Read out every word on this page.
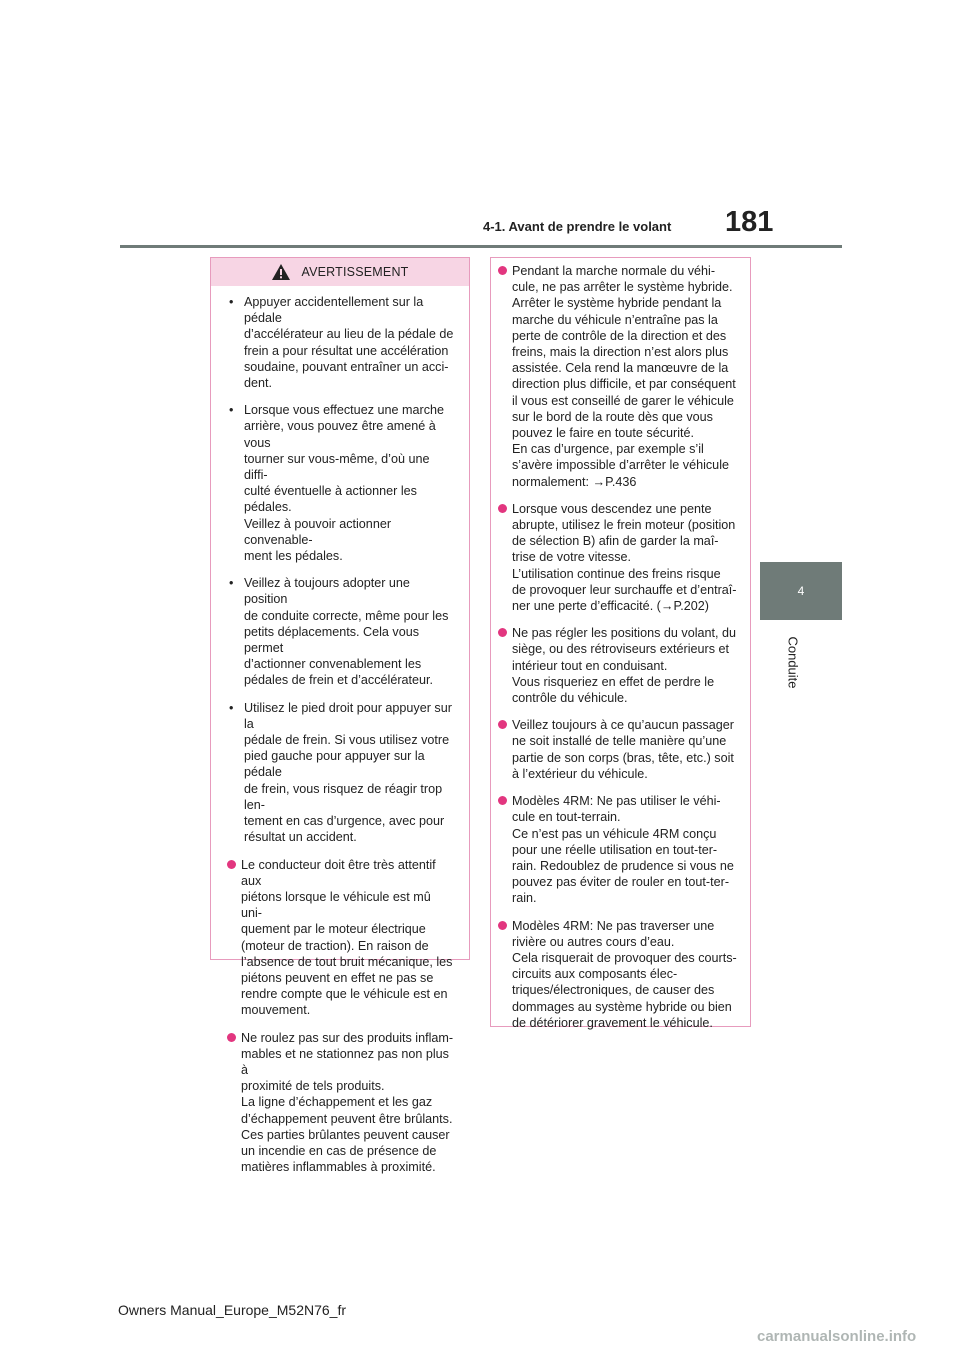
4-1. Avant de prendre le volant 181
4
Conduite
AVERTISSEMENT
• Appuyer accidentellement sur la pédale
d’accélérateur au lieu de la pédale de
frein a pour résultat une accélération
soudaine, pouvant entraîner un acci-
dent.
• Lorsque vous effectuez une marche
arrière, vous pouvez être amené à vous
tourner sur vous-même, d’où une diffi-
culté éventuelle à actionner les pédales.
Veillez à pouvoir actionner convenable-
ment les pédales.
• Veillez à toujours adopter une position
de conduite correcte, même pour les
petits déplacements. Cela vous permet
d’actionner convenablement les
pédales de frein et d’accélérateur.
• Utilisez le pied droit pour appuyer sur la
pédale de frein. Si vous utilisez votre
pied gauche pour appuyer sur la pédale
de frein, vous risquez de réagir trop len-
tement en cas d’urgence, avec pour
résultat un accident.
Le conducteur doit être très attentif aux
piétons lorsque le véhicule est mû uni-
quement par le moteur électrique
(moteur de traction). En raison de
l’absence de tout bruit mécanique, les
piétons peuvent en effet ne pas se
rendre compte que le véhicule est en
mouvement.
Ne roulez pas sur des produits inflam-
mables et ne stationnez pas non plus à
proximité de tels produits.
La ligne d’échappement et les gaz
d’échappement peuvent être brûlants.
Ces parties brûlantes peuvent causer
un incendie en cas de présence de
matières inflammables à proximité.
Pendant la marche normale du véhi-
cule, ne pas arrêter le système hybride.
Arrêter le système hybride pendant la
marche du véhicule n’entraîne pas la
perte de contrôle de la direction et des
freins, mais la direction n’est alors plus
assistée. Cela rend la manœuvre de la
direction plus difficile, et par conséquent
il vous est conseillé de garer le véhicule
sur le bord de la route dès que vous
pouvez le faire en toute sécurité.
En cas d’urgence, par exemple s’il
s’avère impossible d’arrêter le véhicule
normalement: →P.436
Lorsque vous descendez une pente
abrupte, utilisez le frein moteur (position
de sélection B) afin de garder la maî-
trise de votre vitesse.
L’utilisation continue des freins risque
de provoquer leur surchauffe et d’entraî-
ner une perte d’efficacité. (→P.202)
Ne pas régler les positions du volant, du
siège, ou des rétroviseurs extérieurs et
intérieur tout en conduisant.
Vous risqueriez en effet de perdre le
contrôle du véhicule.
Veillez toujours à ce qu’aucun passager
ne soit installé de telle manière qu’une
partie de son corps (bras, tête, etc.) soit
à l’extérieur du véhicule.
Modèles 4RM: Ne pas utiliser le véhi-
cule en tout-terrain.
Ce n’est pas un véhicule 4RM conçu
pour une réelle utilisation en tout-ter-
rain. Redoublez de prudence si vous ne
pouvez pas éviter de rouler en tout-ter-
rain.
Modèles 4RM: Ne pas traverser une
rivière ou autres cours d’eau.
Cela risquerait de provoquer des courts-
circuits aux composants élec-
triques/électroniques, de causer des
dommages au système hybride ou bien
de détériorer gravement le véhicule.
Owners Manual_Europe_M52N76_fr
carmanualsonline.info
